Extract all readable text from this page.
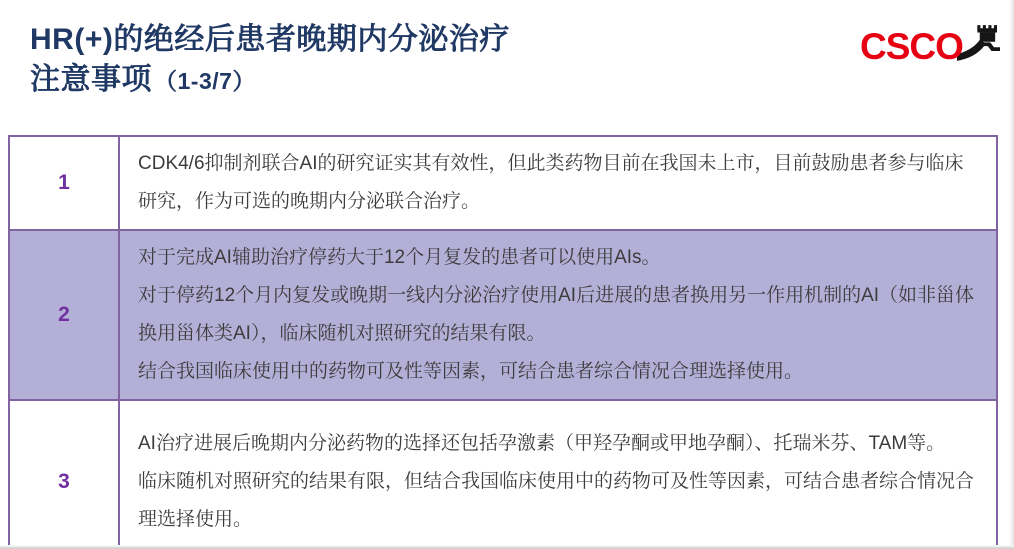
HR(+)的绝经后患者晚期内分泌治疗
注意事项（1-3/7）
CSCO
1	CDK4/6抑制剂联合AI的研究证实其有效性，但此类药物目前在我国未上市，目前鼓励患者参与临床研究，作为可选的晚期内分泌联合治疗。

2	对于完成AI辅助治疗停药大于12个月复发的患者可以使用AIs。

对于停药12个月内复发或晚期一线内分泌治疗使用AI后进展的患者换用另一作用机制的AI（如非甾体换用甾体类AI），临床随机对照研究的结果有限。

结合我国临床使用中的药物可及性等因素，可结合患者综合情况合理选择使用。

3	AI治疗进展后晚期内分泌药物的选择还包括孕激素（甲羟孕酮或甲地孕酮）、托瑞米芬、TAM等。

临床随机对照研究的结果有限，但结合我国临床使用中的药物可及性等因素，可结合患者综合情况合理选择使用。
